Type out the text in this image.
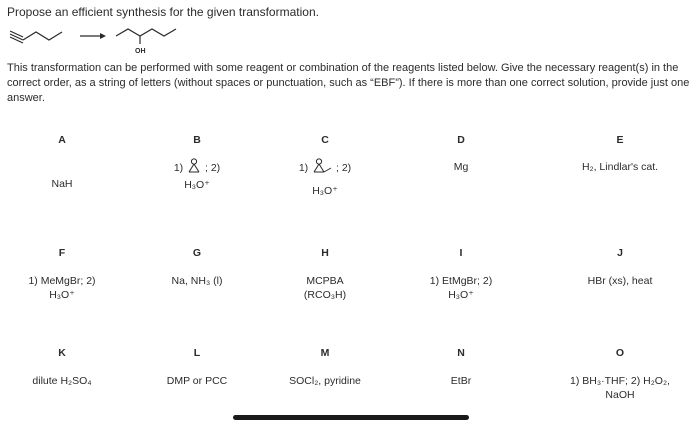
Propose an efficient synthesis for the given transformation.
OH
This transformation can be performed with some reagent or combination of the reagents listed below. Give the necessary reagent(s) in the correct order, as a string of letters (without spaces or punctuation, such as “EBF”). If there is more than one correct solution, provide just one answer.
A
NaH
B
1) ; 2)
H₃O⁺
C
1)	; 2)
H₃O⁺
D
Mg
E
H₂, Lindlar's cat.
F
1) MeMgBr; 2)
H₃O⁺
G
Na, NH₃ (l)
H
MCPBA
(RCO₃H)
I
1) EtMgBr; 2)
H₃O⁺
J
HBr (xs), heat
K
dilute H₂SO₄
L
DMP or PCC
M
SOCl₂, pyridine
N
EtBr
O
1) BH₃·THF; 2) H₂O₂,
NaOH
